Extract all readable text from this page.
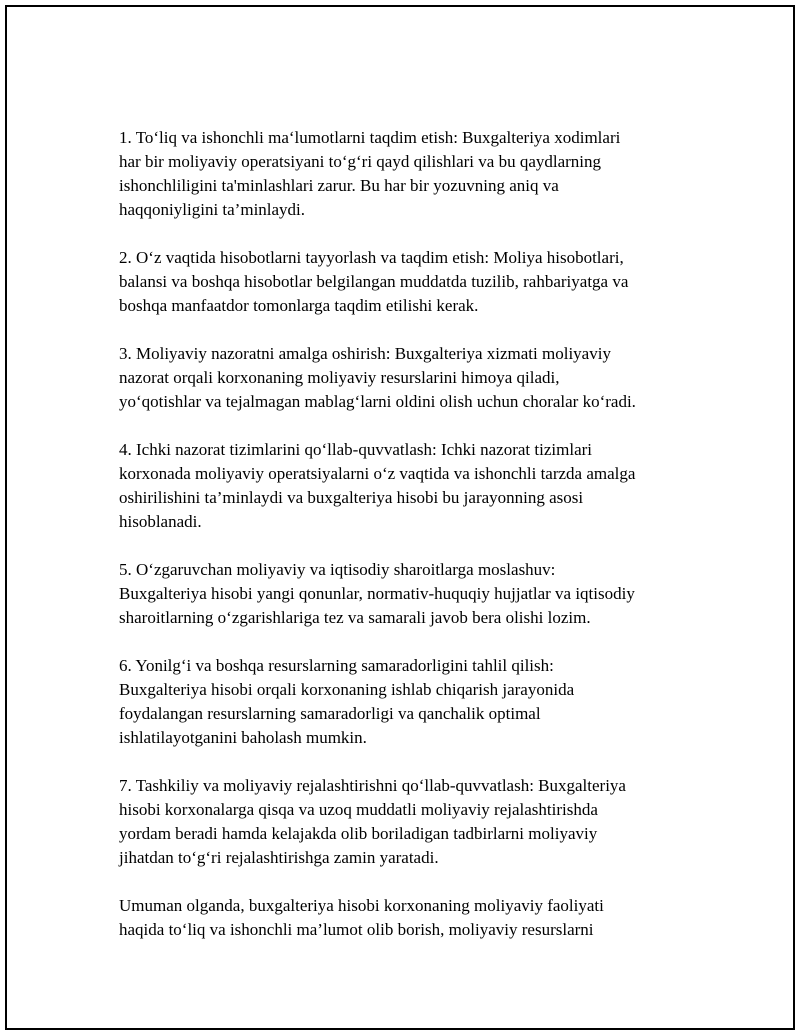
1. To‘liq va ishonchli ma‘lumotlarni taqdim etish: Buxgalteriya xodimlari
har bir moliyaviy operatsiyani to‘g‘ri qayd qilishlari va bu qaydlarning
ishonchliligini ta'minlashlari zarur. Bu har bir yozuvning aniq va
haqqoniyligini ta’minlaydi.

2. O‘z vaqtida hisobotlarni tayyorlash va taqdim etish: Moliya hisobotlari,
balansi va boshqa hisobotlar belgilangan muddatda tuzilib, rahbariyatga va
boshqa manfaatdor tomonlarga taqdim etilishi kerak.

3. Moliyaviy nazoratni amalga oshirish: Buxgalteriya xizmati moliyaviy
nazorat orqali korxonaning moliyaviy resurslarini himoya qiladi,
yo‘qotishlar va tejalmagan mablag‘larni oldini olish uchun choralar ko‘radi.

4. Ichki nazorat tizimlarini qo‘llab-quvvatlash: Ichki nazorat tizimlari
korxonada moliyaviy operatsiyalarni o‘z vaqtida va ishonchli tarzda amalga
oshirilishini ta’minlaydi va buxgalteriya hisobi bu jarayonning asosi
hisoblanadi.

5. O‘zgaruvchan moliyaviy va iqtisodiy sharoitlarga moslashuv:
Buxgalteriya hisobi yangi qonunlar, normativ-huquqiy hujjatlar va iqtisodiy
sharoitlarning o‘zgarishlariga tez va samarali javob bera olishi lozim.

6. Yonilg‘i va boshqa resurslarning samaradorligini tahlil qilish:
Buxgalteriya hisobi orqali korxonaning ishlab chiqarish jarayonida
foydalangan resurslarning samaradorligi va qanchalik optimal
ishlatilayotganini baholash mumkin.

7. Tashkiliy va moliyaviy rejalashtirishni qo‘llab-quvvatlash: Buxgalteriya
hisobi korxonalarga qisqa va uzoq muddatli moliyaviy rejalashtirishda
yordam beradi hamda kelajakda olib boriladigan tadbirlarni moliyaviy
jihatdan to‘g‘ri rejalashtirishga zamin yaratadi.

Umuman olganda, buxgalteriya hisobi korxonaning moliyaviy faoliyati
haqida to‘liq va ishonchli ma’lumot olib borish, moliyaviy resurslarni
